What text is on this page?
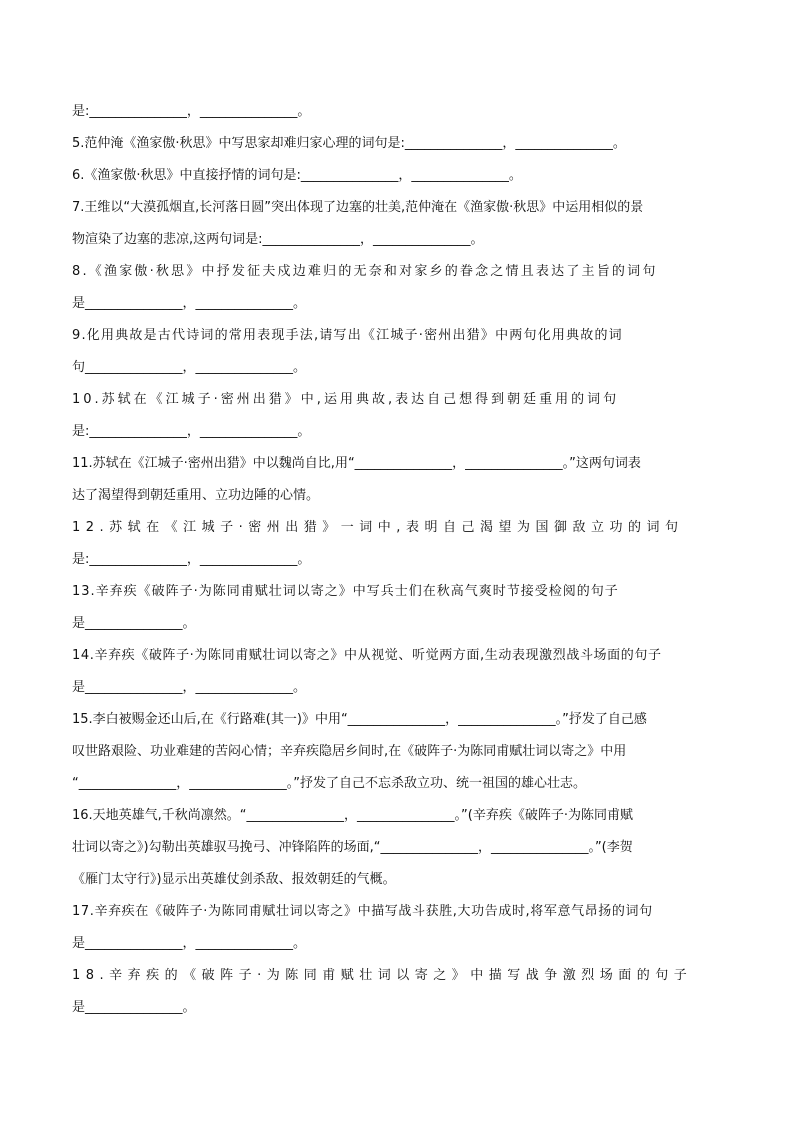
是:_______________，_______________。
5.范仲淹《渔家傲·秋思》中写思家却难归家心理的词句是:_______________，_______________。
6.《渔家傲·秋思》中直接抒情的词句是:_______________，_______________。
7.王维以“大漠孤烟直,长河落日圆”突出体现了边塞的壮美,范仲淹在《渔家傲·秋思》中运用相似的景
物渲染了边塞的悲凉,这两句词是:_______________，_______________。
8.《渔家傲·秋思》中抒发征夫戍边难归的无奈和对家乡的眷念之情且表达了主旨的词句
是_______________，_______________。
9.化用典故是古代诗词的常用表现手法,请写出《江城子·密州出猎》中两句化用典故的词
句_______________，_______________。
10.苏轼在《江城子·密州出猎》中,运用典故,表达自己想得到朝廷重用的词句
是:_______________，_______________。
11.苏轼在《江城子·密州出猎》中以魏尚自比,用“_______________，_______________。”这两句词表
达了渴望得到朝廷重用、立功边陲的心情。
12.苏轼在《江城子·密州出猎》一词中,表明自己渴望为国御敌立功的词句
是:_______________，_______________。
13.辛弃疾《破阵子·为陈同甫赋壮词以寄之》中写兵士们在秋高气爽时节接受检阅的句子
是_______________。
14.辛弃疾《破阵子·为陈同甫赋壮词以寄之》中从视觉、听觉两方面,生动表现激烈战斗场面的句子
是_______________，_______________。
15.李白被赐金还山后,在《行路难(其一)》中用“_______________，_______________。”抒发了自己感
叹世路艰险、功业难建的苦闷心情；辛弃疾隐居乡间时,在《破阵子·为陈同甫赋壮词以寄之》中用
“_______________，_______________。”抒发了自己不忘杀敌立功、统一祖国的雄心壮志。
16.天地英雄气,千秋尚凛然。“_______________，_______________。”(辛弃疾《破阵子·为陈同甫赋
壮词以寄之》)勾勒出英雄驭马挽弓、冲锋陷阵的场面,“_______________，_______________。”(李贺
《雁门太守行》)显示出英雄仗剑杀敌、报效朝廷的气概。
17.辛弃疾在《破阵子·为陈同甫赋壮词以寄之》中描写战斗获胜,大功告成时,将军意气昂扬的词句
是_______________，_______________。
18.辛弃疾的《破阵子·为陈同甫赋壮词以寄之》中描写战争激烈场面的句子
是_______________。
